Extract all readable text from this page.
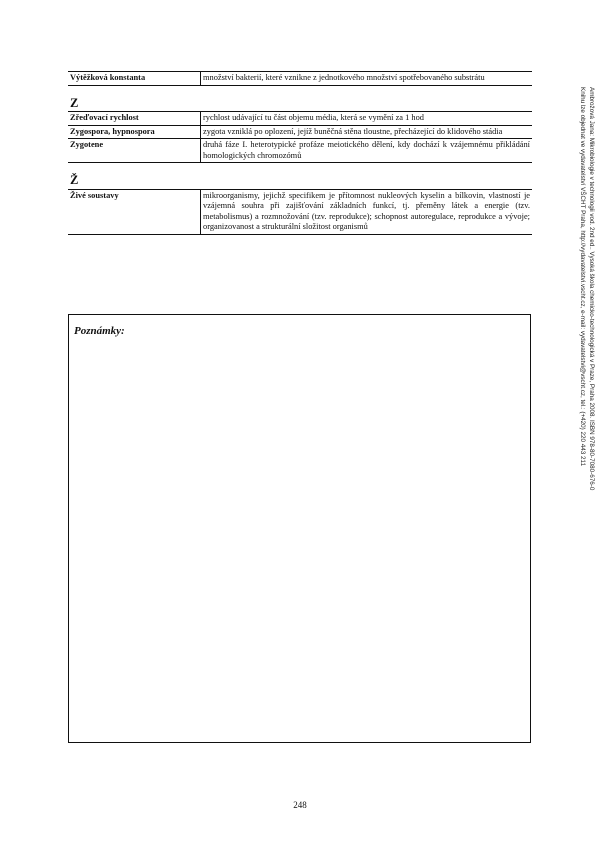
Výtěžková konstanta	množství bakterií, které vznikne z jednotkového množství spotřebovaného substrátu

Z	
Zřeďovací rychlost	rychlost udávající tu část objemu média, která se vymění za 1 hod
Zygospora, hypnospora	zygota vzniklá po oplození, jejíž buněčná stěna tloustne, přecházející do klidového stádia
Zygotene	druhá fáze I. heterotypické profáze meiotického dělení, kdy dochází k vzájemnému přikládání homologických chromozómů

Ž	
Živé soustavy	mikroorganismy, jejichž specifikem je přítomnost nukleových kyselin a bílkovin, vlastností je vzájemná souhra při zajišťování základních funkcí, tj. přeměny látek a energie (tzv. metabolismus) a rozmnožování (tzv. reprodukce); schopnost autoregulace, reprodukce a vývoje; organizovanost a strukturální složitost organismů
Poznámky:
248
Ambrožová Jana: Mikrobiologie v technologii vod. 2nd ed.. Vysoká škola chemicko-technologická v Praze, Praha 2008. ISBN 978-80-7080-676-0
Knihu lze objednat ve vydavatelství VŠCHT Praha, http://vydavatelstvi.vscht.cz, e-mail: vydavatelstvi@vscht.cz, tel.: (+420) 220 443 211
